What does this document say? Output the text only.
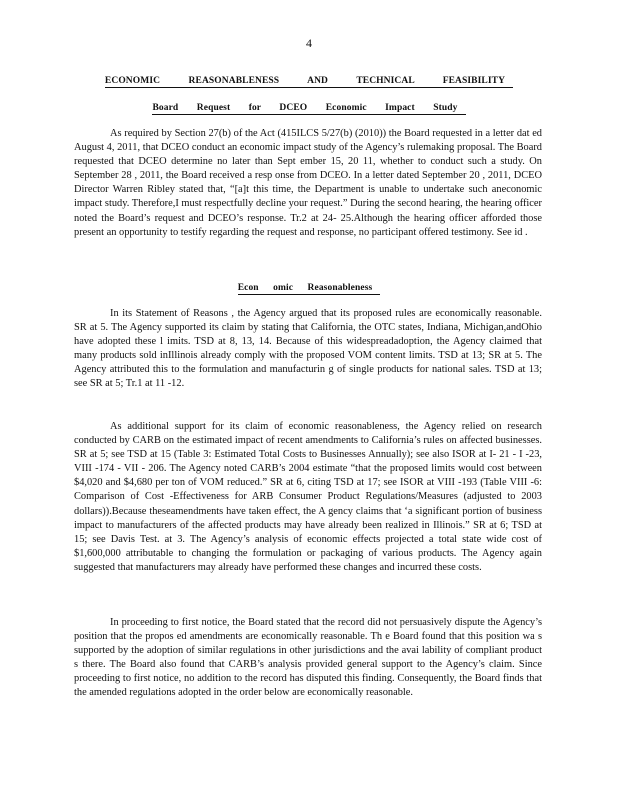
4
ECONOMIC REASONABLENESS AND TECHNICAL FEASIBILITY
Board Request for DCEO Economic Impact Study
As required by Section 27(b) of the Act (415ILCS 5/27(b) (2010)) the Board requested in a letter dat ed August 4, 2011, that DCEO conduct an economic impact study of the Agency’s rulemaking proposal. The Board requested that DCEO determine no later than Sept ember 15, 20 11, whether to conduct such a study. On September 28 , 2011, the Board received a resp onse from DCEO. In a letter dated September 20 , 2011, DCEO Director Warren Ribley stated that, “[a]t this time, the Department is unable to undertake such aneconomic impact study. Therefore,I must respectfully decline your request.” During the second hearing, the hearing officer noted the Board’s request and DCEO’s response. Tr.2 at 24- 25.Although the hearing officer afforded those present an opportunity to testify regarding the request and response, no participant offered testimony. See id .
Econ omic Reasonableness
In its Statement of Reasons , the Agency argued that its proposed rules are economically reasonable. SR at 5. The Agency supported its claim by stating that California, the OTC states, Indiana, Michigan,andOhio have adopted these l imits. TSD at 8, 13, 14. Because of this widespreadadoption, the Agency claimed that many products sold inIllinois already comply with the proposed VOM content limits. TSD at 13; SR at 5. The Agency attributed this to the formulation and manufacturin g of single products for national sales. TSD at 13; see SR at 5; Tr.1 at 11 -12.
As additional support for its claim of economic reasonableness, the Agency relied on research conducted by CARB on the estimated impact of recent amendments to California’s rules on affected businesses. SR at 5; see TSD at 15 (Table 3: Estimated Total Costs to Businesses Annually); see also ISOR at I- 21 - I -23, VIII -174 - VII - 206. The Agency noted CARB’s 2004 estimate “that the proposed limits would cost between $4,020 and $4,680 per ton of VOM reduced.” SR at 6, citing TSD at 17; see ISOR at VIII -193 (Table VIII -6: Comparison of Cost -Effectiveness for ARB Consumer Product Regulations/Measures (adjusted to 2003 dollars)).Because theseamendments have taken effect, the A gency claims that ‘a significant portion of business impact to manufacturers of the affected products may have already been realized in Illinois.” SR at 6; TSD at 15; see Davis Test. at 3. The Agency’s analysis of economic effects projected a total state wide cost of $1,600,000 attributable to changing the formulation or packaging of various products. The Agency again suggested that manufacturers may already have performed these changes and incurred these costs.
In proceeding to first notice, the Board stated that the record did not persuasively dispute the Agency’s position that the propos ed amendments are economically reasonable. Th e Board found that this position wa s supported by the adoption of similar regulations in other jurisdictions and the avai lability of compliant product s there. The Board also found that CARB’s analysis provided general support to the Agency’s claim. Since proceeding to first notice, no addition to the record has disputed this finding. Consequently, the Board finds that the amended regulations adopted in the order below are economically reasonable.
